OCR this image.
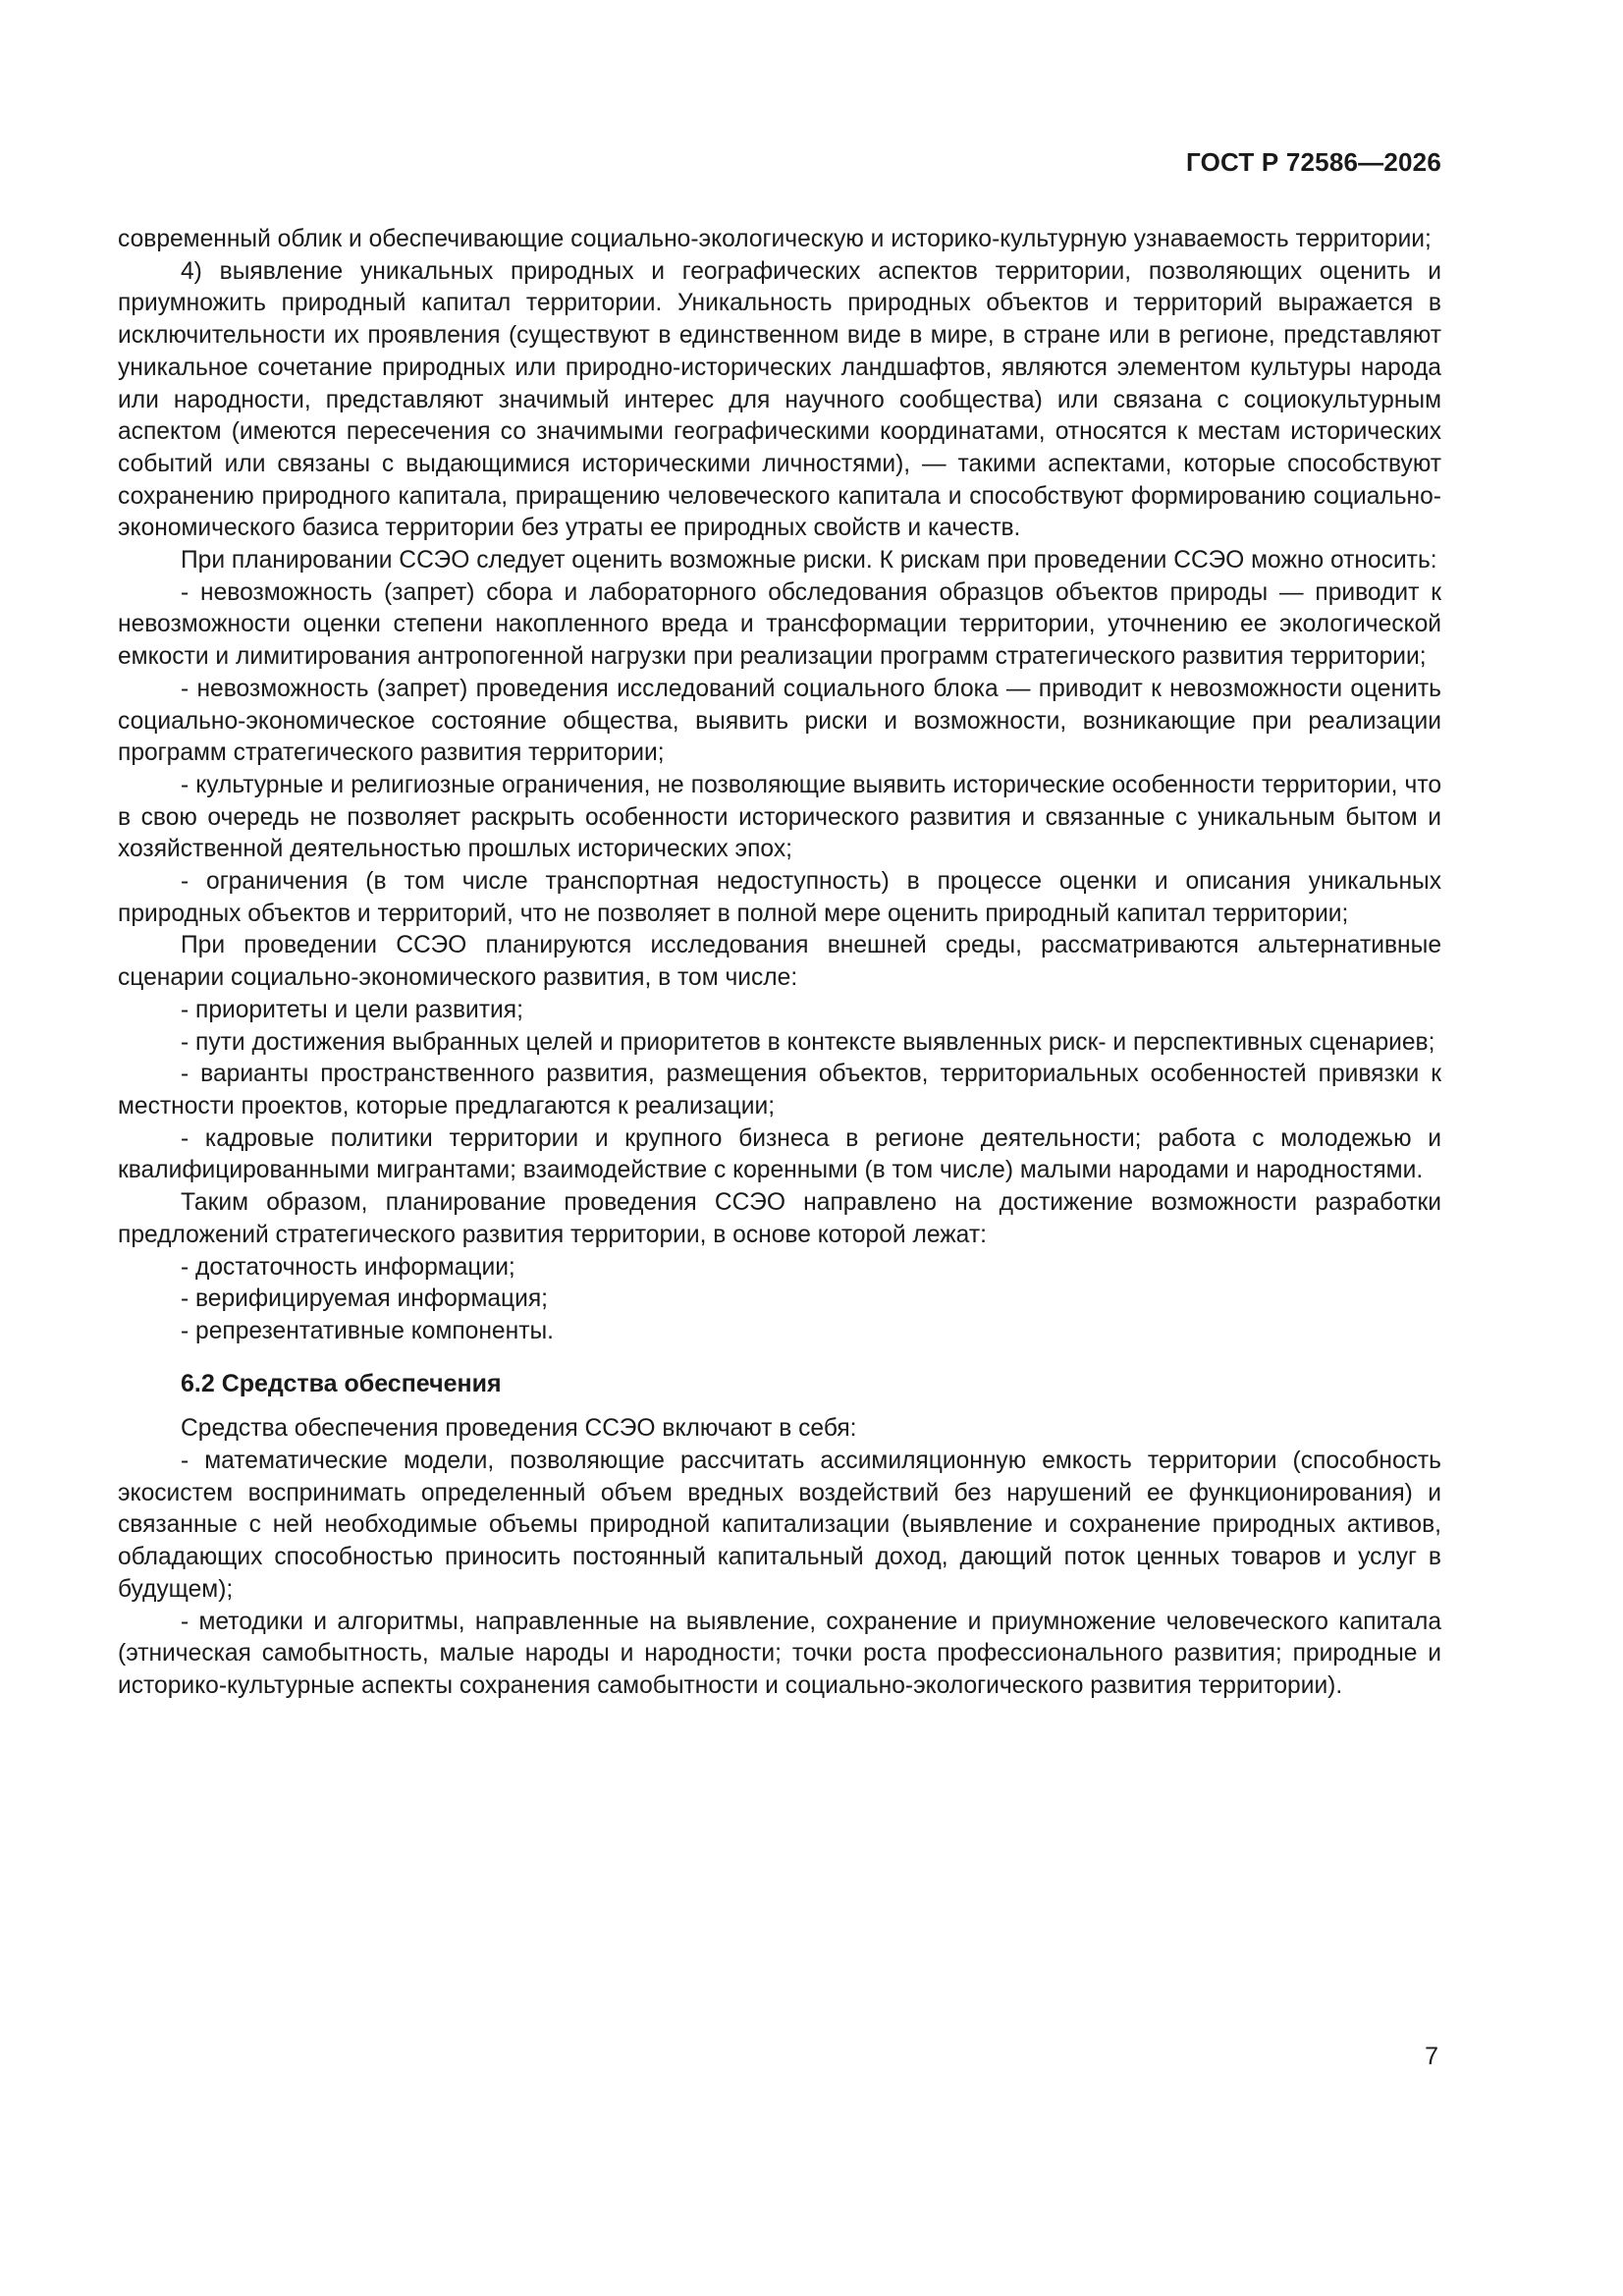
ГОСТ Р 72586—2026

современный облик и обеспечивающие социально-экологическую и историко-культурную узнаваемость территории;

4) выявление уникальных природных и географических аспектов территории, позволяющих оценить и приумножить природный капитал территории. Уникальность природных объектов и территорий выражается в исключительности их проявления (существуют в единственном виде в мире, в стране или в регионе, представляют уникальное сочетание природных или природно-исторических ландшафтов, являются элементом культуры народа или народности, представляют значимый интерес для научного сообщества) или связана с социокультурным аспектом (имеются пересечения со значимыми географическими координатами, относятся к местам исторических событий или связаны с выдающимися историческими личностями), — такими аспектами, которые способствуют сохранению природного капитала, приращению человеческого капитала и способствуют формированию социально-экономического базиса территории без утраты ее природных свойств и качеств.

При планировании ССЭО следует оценить возможные риски. К рискам при проведении ССЭО можно относить:

- невозможность (запрет) сбора и лабораторного обследования образцов объектов природы — приводит к невозможности оценки степени накопленного вреда и трансформации территории, уточнению ее экологической емкости и лимитирования антропогенной нагрузки при реализации программ стратегического развития территории;

- невозможность (запрет) проведения исследований социального блока — приводит к невозможности оценить социально-экономическое состояние общества, выявить риски и возможности, возникающие при реализации программ стратегического развития территории;

- культурные и религиозные ограничения, не позволяющие выявить исторические особенности территории, что в свою очередь не позволяет раскрыть особенности исторического развития и связанные с уникальным бытом и хозяйственной деятельностью прошлых исторических эпох;

- ограничения (в том числе транспортная недоступность) в процессе оценки и описания уникальных природных объектов и территорий, что не позволяет в полной мере оценить природный капитал территории;

При проведении ССЭО планируются исследования внешней среды, рассматриваются альтернативные сценарии социально-экономического развития, в том числе:

- приоритеты и цели развития;

- пути достижения выбранных целей и приоритетов в контексте выявленных риск- и перспективных сценариев;

- варианты пространственного развития, размещения объектов, территориальных особенностей привязки к местности проектов, которые предлагаются к реализации;

- кадровые политики территории и крупного бизнеса в регионе деятельности; работа с молодежью и квалифицированными мигрантами; взаимодействие с коренными (в том числе) малыми народами и народностями.

Таким образом, планирование проведения ССЭО направлено на достижение возможности разработки предложений стратегического развития территории, в основе которой лежат:

- достаточность информации;

- верифицируемая информация;

- репрезентативные компоненты.

6.2 Средства обеспечения

Средства обеспечения проведения ССЭО включают в себя:

- математические модели, позволяющие рассчитать ассимиляционную емкость территории (способность экосистем воспринимать определенный объем вредных воздействий без нарушений ее функционирования) и связанные с ней необходимые объемы природной капитализации (выявление и сохранение природных активов, обладающих способностью приносить постоянный капитальный доход, дающий поток ценных товаров и услуг в будущем);

- методики и алгоритмы, направленные на выявление, сохранение и приумножение человеческого капитала (этническая самобытность, малые народы и народности; точки роста профессионального развития; природные и историко-культурные аспекты сохранения самобытности и социально-экологического развития территории).

7
